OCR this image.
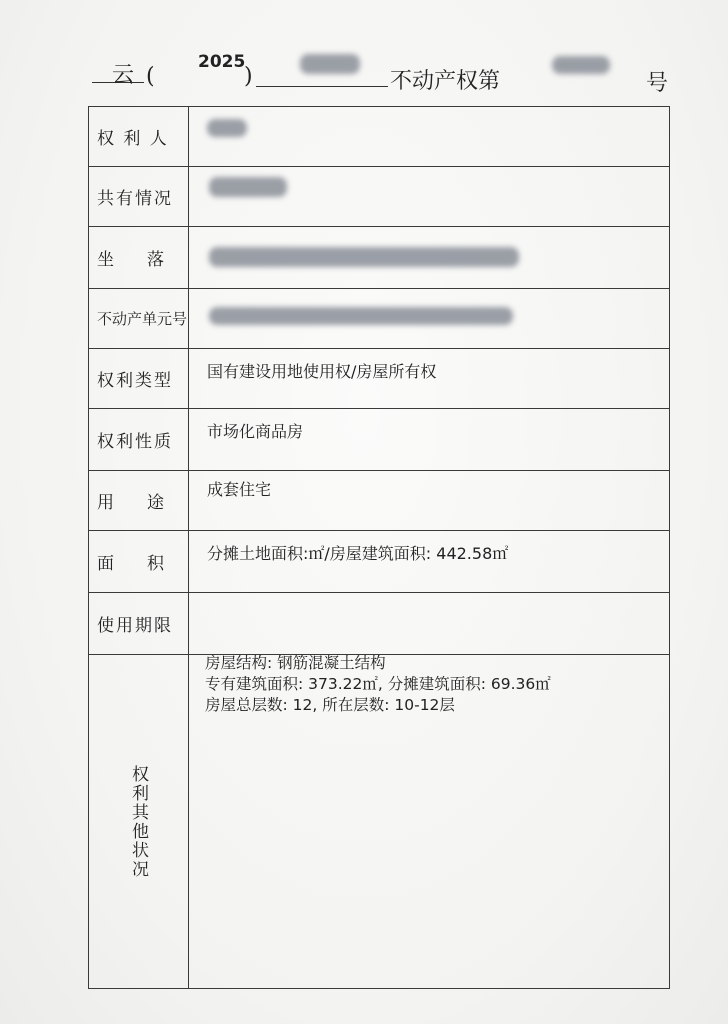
云 (
2025
)	不动产权第	号
权 利 人	

共有情况	

坐 落	

不动产单元号	

权利类型	国有建设用地使用权/房屋所有权

权利性质	市场化商品房

用 途	成套住宅

面 积	分摊土地面积:㎡/房屋建筑面积: 442.58㎡

使用期限	

权利其他状况	房屋结构: 钢筋混凝土结构
专有建筑面积: 373.22㎡, 分摊建筑面积: 69.36㎡
房屋总层数: 12, 所在层数: 10-12层
